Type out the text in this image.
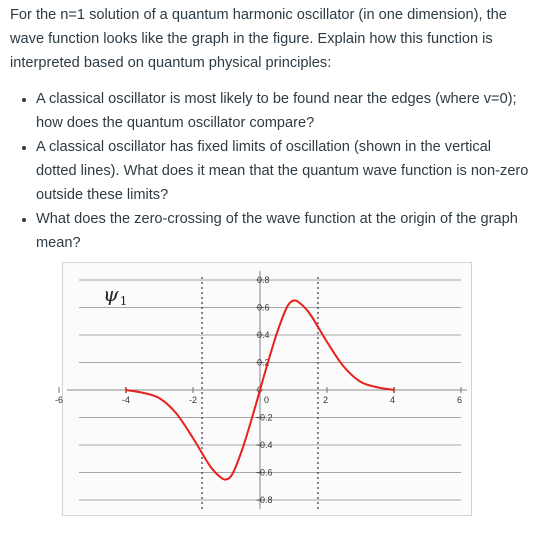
For the n=1 solution of a quantum harmonic oscillator (in one dimension), the wave function looks like the graph in the figure. Explain how this function is interpreted based on quantum physical principles:

• A classical oscillator is most likely to be found near the edges (where v=0); how does the quantum oscillator compare?
• A classical oscillator has fixed limits of oscillation (shown in the vertical dotted lines). What does it mean that the quantum wave function is non-zero outside these limits?
• What does the zero-crossing of the wave function at the origin of the graph mean?
0.8
0.6
0.4
0.2
0
-0.2
-0.4
-0.6
-0.8
-6	-4	-2	0	2	4	6
$\psi_1$
